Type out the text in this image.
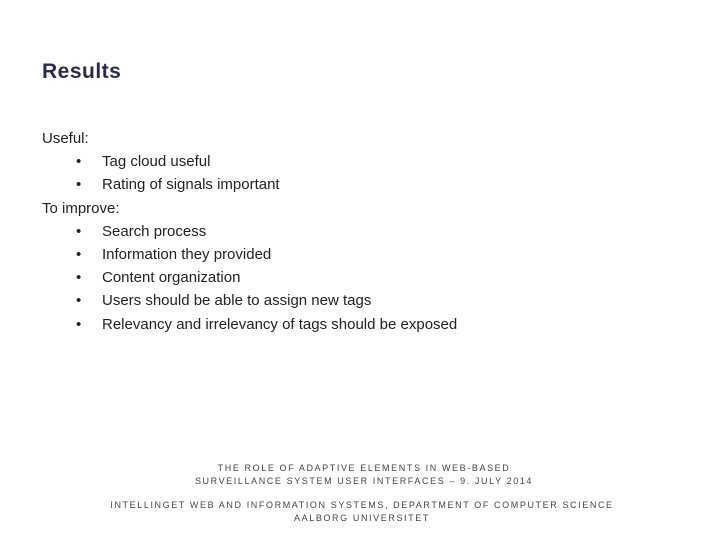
Results

Useful:

• Tag cloud useful
• Rating of signals important

To improve:

• Search process
• Information they provided
• Content organization
• Users should be able to assign new tags
• Relevancy and irrelevancy of tags should be exposed
THE ROLE OF ADAPTIVE ELEMENTS IN WEB-BASED
SURVEILLANCE SYSTEM USER INTERFACES – 9. JULY 2014
INTELLINGET WEB AND INFORMATION SYSTEMS, DEPARTMENT OF COMPUTER SCIENCE
AALBORG UNIVERSITET
